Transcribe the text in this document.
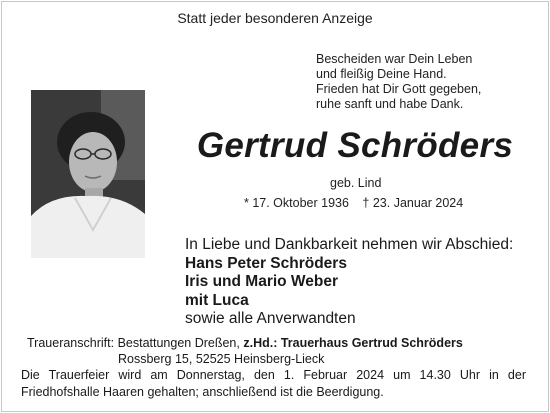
Statt jeder besonderen Anzeige
Bescheiden war Dein Leben
und fleißig Deine Hand.
Frieden hat Dir Gott gegeben,
ruhe sanft und habe Dank.
Gertrud Schröders
geb. Lind
* 17. Oktober 1936 † 23. Januar 2024
In Liebe und Dankbarkeit nehmen wir Abschied:
Hans Peter Schröders
Iris und Mario Weber
mit Luca
sowie alle Anverwandten
Traueranschrift: Bestattungen Dreßen, z.Hd.: Trauerhaus Gertrud Schröders
Rossberg 15, 52525 Heinsberg-Lieck
Die Trauerfeier wird am Donnerstag, den 1. Februar 2024 um 14.30 Uhr in der Friedhofshalle Haaren gehalten; anschließend ist die Beerdigung.
